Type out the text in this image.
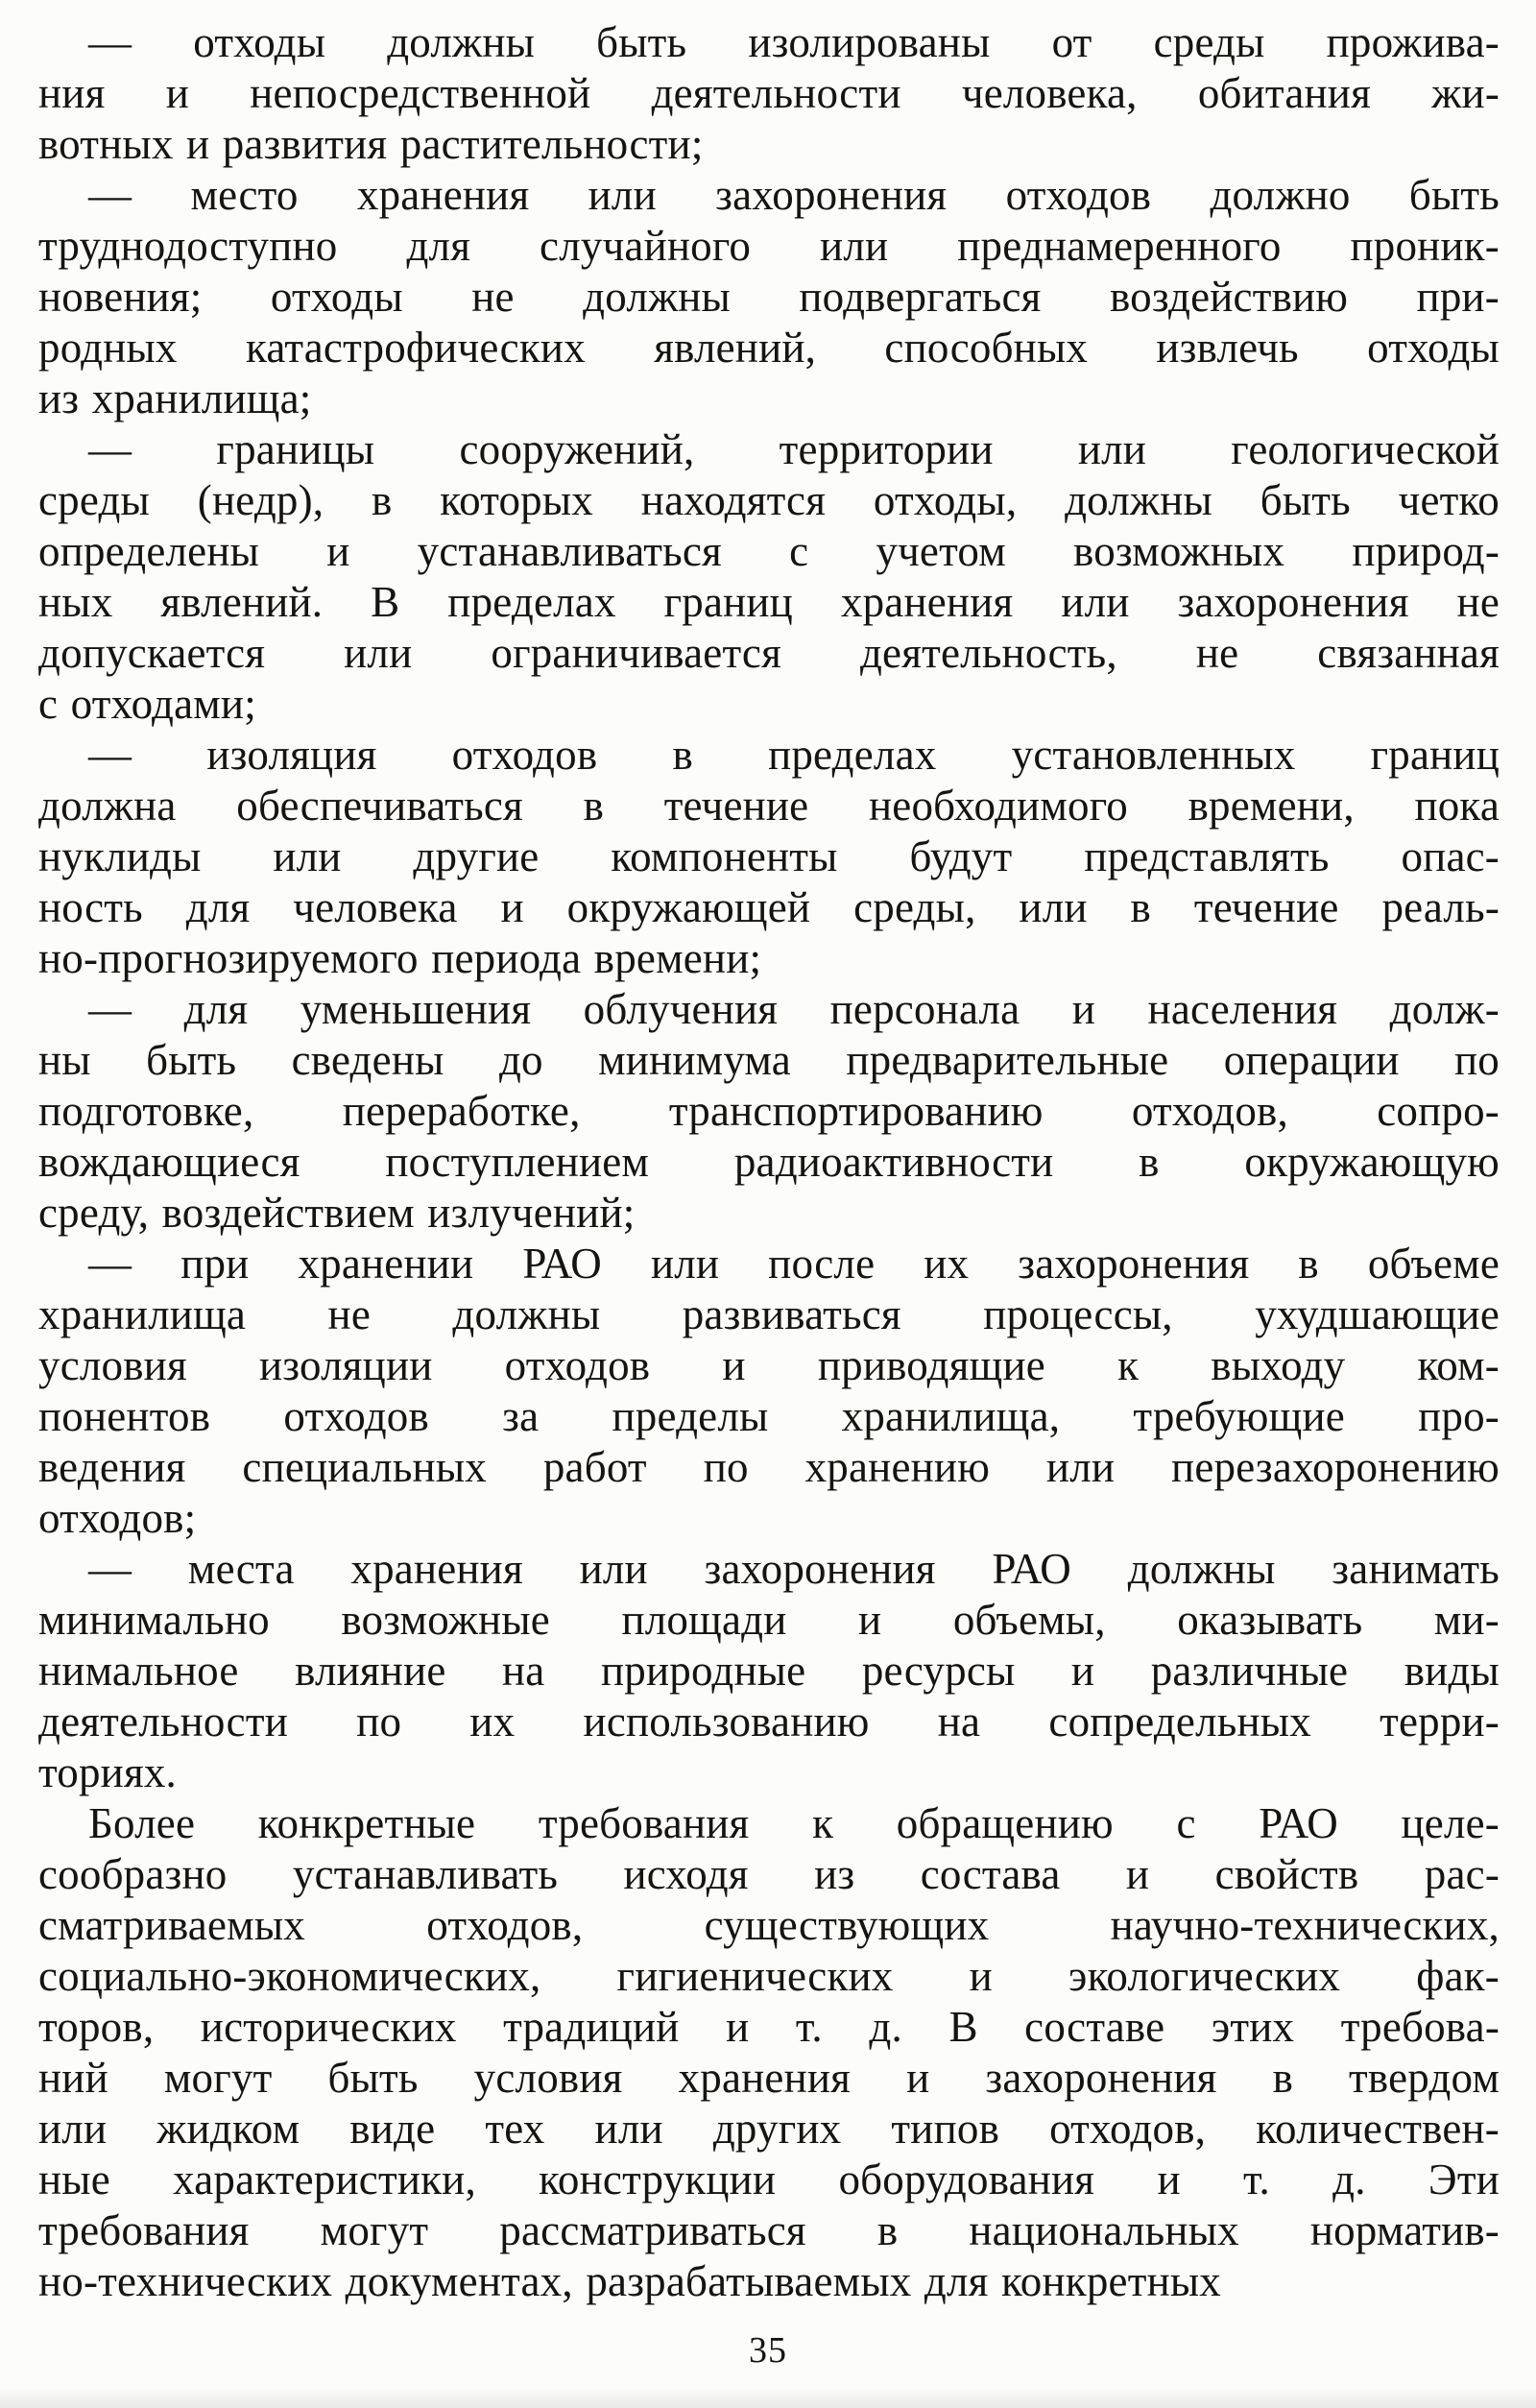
— отходы должны быть изолированы от среды прожива-
ния и непосредственной деятельности человека, обитания жи-
вотных и развития растительности;

— место хранения или захоронения отходов должно быть
труднодоступно для случайного или преднамеренного проник-
новения; отходы не должны подвергаться воздействию при-
родных катастрофических явлений, способных извлечь отходы
из хранилища;

— границы сооружений, территории или геологической
среды (недр), в которых находятся отходы, должны быть четко
определены и устанавливаться с учетом возможных природ-
ных явлений. В пределах границ хранения или захоронения не
допускается или ограничивается деятельность, не связанная
с отходами;

— изоляция отходов в пределах установленных границ
должна обеспечиваться в течение необходимого времени, пока
нуклиды или другие компоненты будут представлять опас-
ность для человека и окружающей среды, или в течение реаль-
но-прогнозируемого периода времени;

— для уменьшения облучения персонала и населения долж-
ны быть сведены до минимума предварительные операции по
подготовке, переработке, транспортированию отходов, сопро-
вождающиеся поступлением радиоактивности в окружающую
среду, воздействием излучений;

— при хранении РАО или после их захоронения в объеме
хранилища не должны развиваться процессы, ухудшающие
условия изоляции отходов и приводящие к выходу ком-
понентов отходов за пределы хранилища, требующие про-
ведения специальных работ по хранению или перезахоронению
отходов;

— места хранения или захоронения РАО должны занимать
минимально возможные площади и объемы, оказывать ми-
нимальное влияние на природные ресурсы и различные виды
деятельности по их использованию на сопредельных терри-
ториях.

Более конкретные требования к обращению с РАО целе-
сообразно устанавливать исходя из состава и свойств рас-
сматриваемых отходов, существующих научно-технических,
социально-экономических, гигиенических и экологических фак-
торов, исторических традиций и т. д. В составе этих требова-
ний могут быть условия хранения и захоронения в твердом
или жидком виде тех или других типов отходов, количествен-
ные характеристики, конструкции оборудования и т. д. Эти
требования могут рассматриваться в национальных норматив-
но-технических документах, разрабатываемых для конкретных

35
